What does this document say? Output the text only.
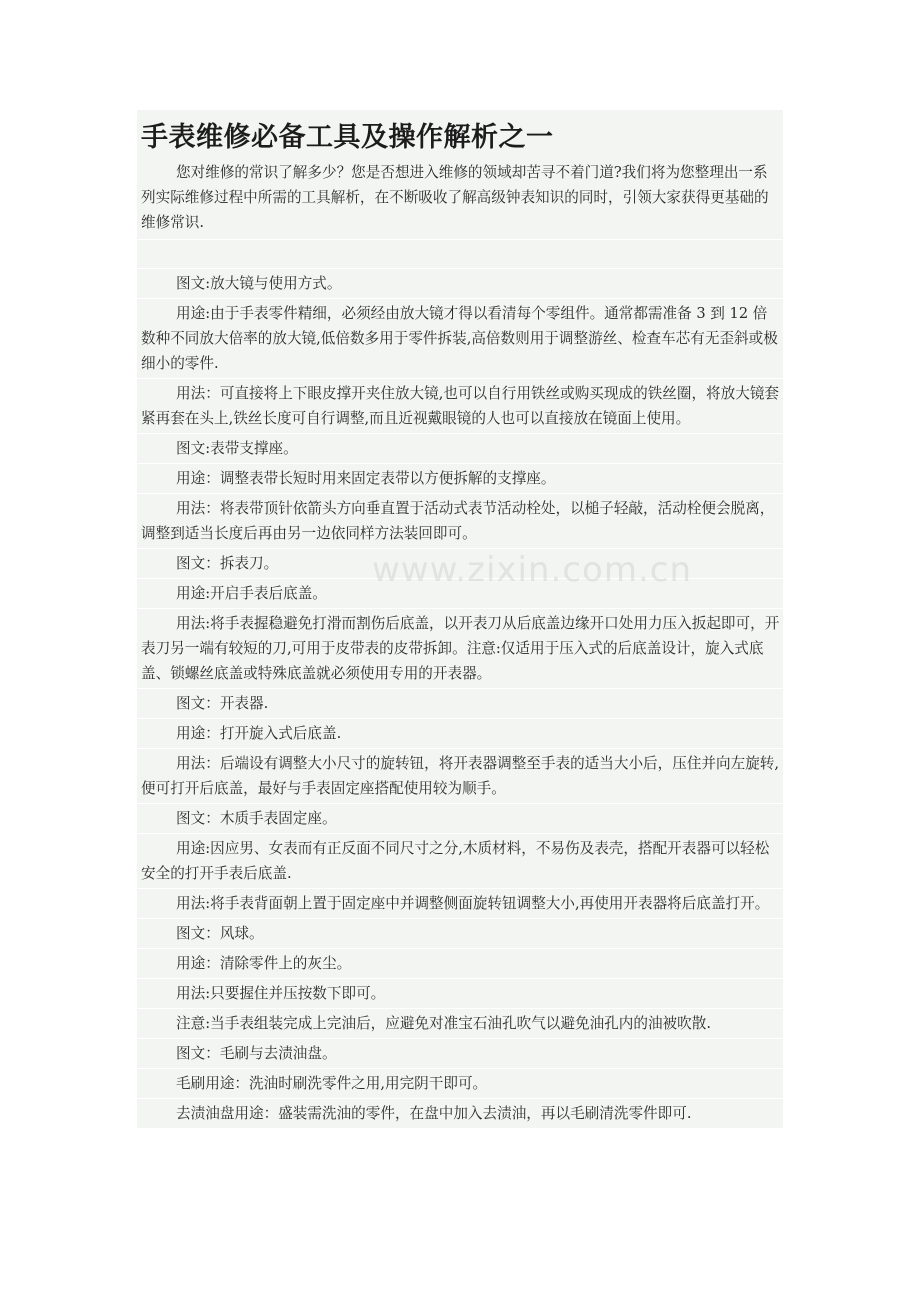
手表维修必备工具及操作解析之一
您对维修的常识了解多少？您是否想进入维修的领域却苦寻不着门道?我们将为您整理出一系列实际维修过程中所需的工具解析，在不断吸收了解高级钟表知识的同时，引领大家获得更基础的维修常识.
图文:放大镜与使用方式。
用途:由于手表零件精细，必须经由放大镜才得以看清每个零组件。通常都需准备 3 到 12 倍数种不同放大倍率的放大镜,低倍数多用于零件拆装,高倍数则用于调整游丝、检查车芯有无歪斜或极细小的零件.
用法：可直接将上下眼皮撑开夹住放大镜,也可以自行用铁丝或购买现成的铁丝圈，将放大镜套紧再套在头上,铁丝长度可自行调整,而且近视戴眼镜的人也可以直接放在镜面上使用。
图文:表带支撑座。
用途：调整表带长短时用来固定表带以方便拆解的支撑座。
用法：将表带顶针依箭头方向垂直置于活动式表节活动栓处，以槌子轻敲，活动栓便会脱离，调整到适当长度后再由另一边依同样方法装回即可。
图文：拆表刀。
用途:开启手表后底盖。
用法:将手表握稳避免打滑而割伤后底盖，以开表刀从后底盖边缘开口处用力压入扳起即可，开表刀另一端有较短的刀,可用于皮带表的皮带拆卸。注意:仅适用于压入式的后底盖设计，旋入式底盖、锁螺丝底盖或特殊底盖就必须使用专用的开表器。
图文：开表器.
用途：打开旋入式后底盖.
用法：后端设有调整大小尺寸的旋转钮，将开表器调整至手表的适当大小后，压住并向左旋转,便可打开后底盖，最好与手表固定座搭配使用较为顺手。
图文：木质手表固定座。
用途:因应男、女表而有正反面不同尺寸之分,木质材料，不易伤及表壳，搭配开表器可以轻松安全的打开手表后底盖.
用法:将手表背面朝上置于固定座中并调整侧面旋转钮调整大小,再使用开表器将后底盖打开。
图文：风球。
用途：清除零件上的灰尘。
用法:只要握住并压按数下即可。
注意:当手表组装完成上完油后，应避免对准宝石油孔吹气以避免油孔内的油被吹散.
图文：毛刷与去渍油盘。
毛刷用途：洗油时刷洗零件之用,用完阴干即可。
去渍油盘用途：盛装需洗油的零件，在盘中加入去渍油，再以毛刷清洗零件即可.
www.zixin.com.cn
